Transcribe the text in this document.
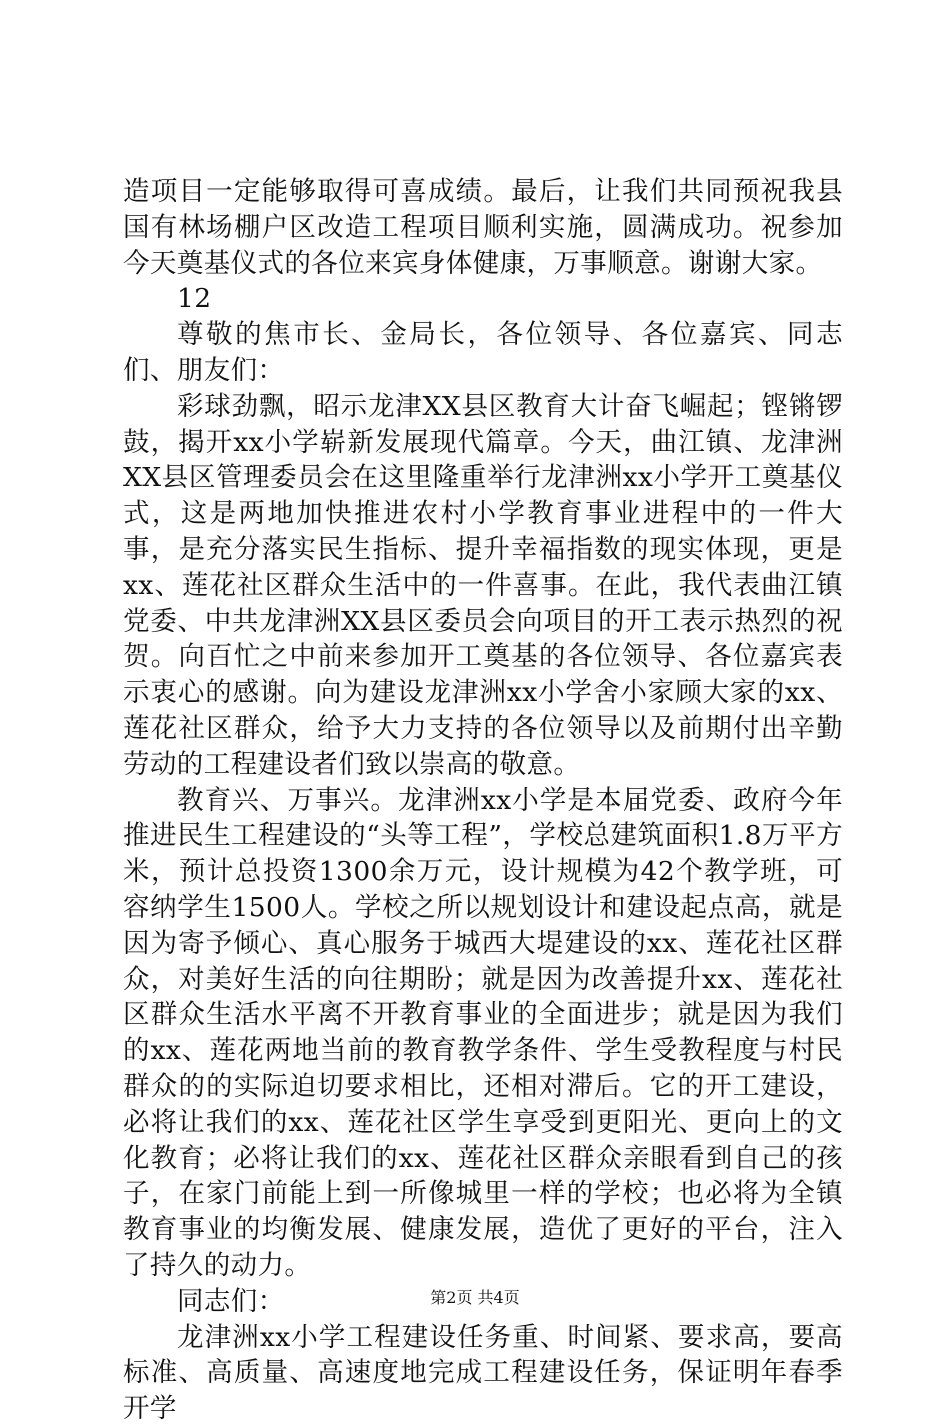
造项目一定能够取得可喜成绩。最后，让我们共同预祝我县国有林场棚户区改造工程项目顺利实施，圆满成功。祝参加今天奠基仪式的各位来宾身体健康，万事顺意。谢谢大家。

12

尊敬的焦市长、金局长，各位领导、各位嘉宾、同志们、朋友们：

彩球劲飘，昭示龙津XX县区教育大计奋飞崛起；铿锵锣鼓，揭开xx小学崭新发展现代篇章。今天，曲江镇、龙津洲XX县区管理委员会在这里隆重举行龙津洲xx小学开工奠基仪式，这是两地加快推进农村小学教育事业进程中的一件大事，是充分落实民生指标、提升幸福指数的现实体现，更是xx、莲花社区群众生活中的一件喜事。在此，我代表曲江镇党委、中共龙津洲XX县区委员会向项目的开工表示热烈的祝贺。向百忙之中前来参加开工奠基的各位领导、各位嘉宾表示衷心的感谢。向为建设龙津洲xx小学舍小家顾大家的xx、莲花社区群众，给予大力支持的各位领导以及前期付出辛勤劳动的工程建设者们致以崇高的敬意。

教育兴、万事兴。龙津洲xx小学是本届党委、政府今年推进民生工程建设的“头等工程”，学校总建筑面积1.8万平方米，预计总投资1300余万元，设计规模为42个教学班，可容纳学生1500人。学校之所以规划设计和建设起点高，就是因为寄予倾心、真心服务于城西大堤建设的xx、莲花社区群众，对美好生活的向往期盼；就是因为改善提升xx、莲花社区群众生活水平离不开教育事业的全面进步；就是因为我们的xx、莲花两地当前的教育教学条件、学生受教程度与村民群众的的实际迫切要求相比，还相对滞后。它的开工建设，必将让我们的xx、莲花社区学生享受到更阳光、更向上的文化教育；必将让我们的xx、莲花社区群众亲眼看到自己的孩子，在家门前能上到一所像城里一样的学校；也必将为全镇教育事业的均衡发展、健康发展，造优了更好的平台，注入了持久的动力。

同志们：

龙津洲xx小学工程建设任务重、时间紧、要求高，要高标准、高质量、高速度地完成工程建设任务，保证明年春季开学

第2页 共4页
